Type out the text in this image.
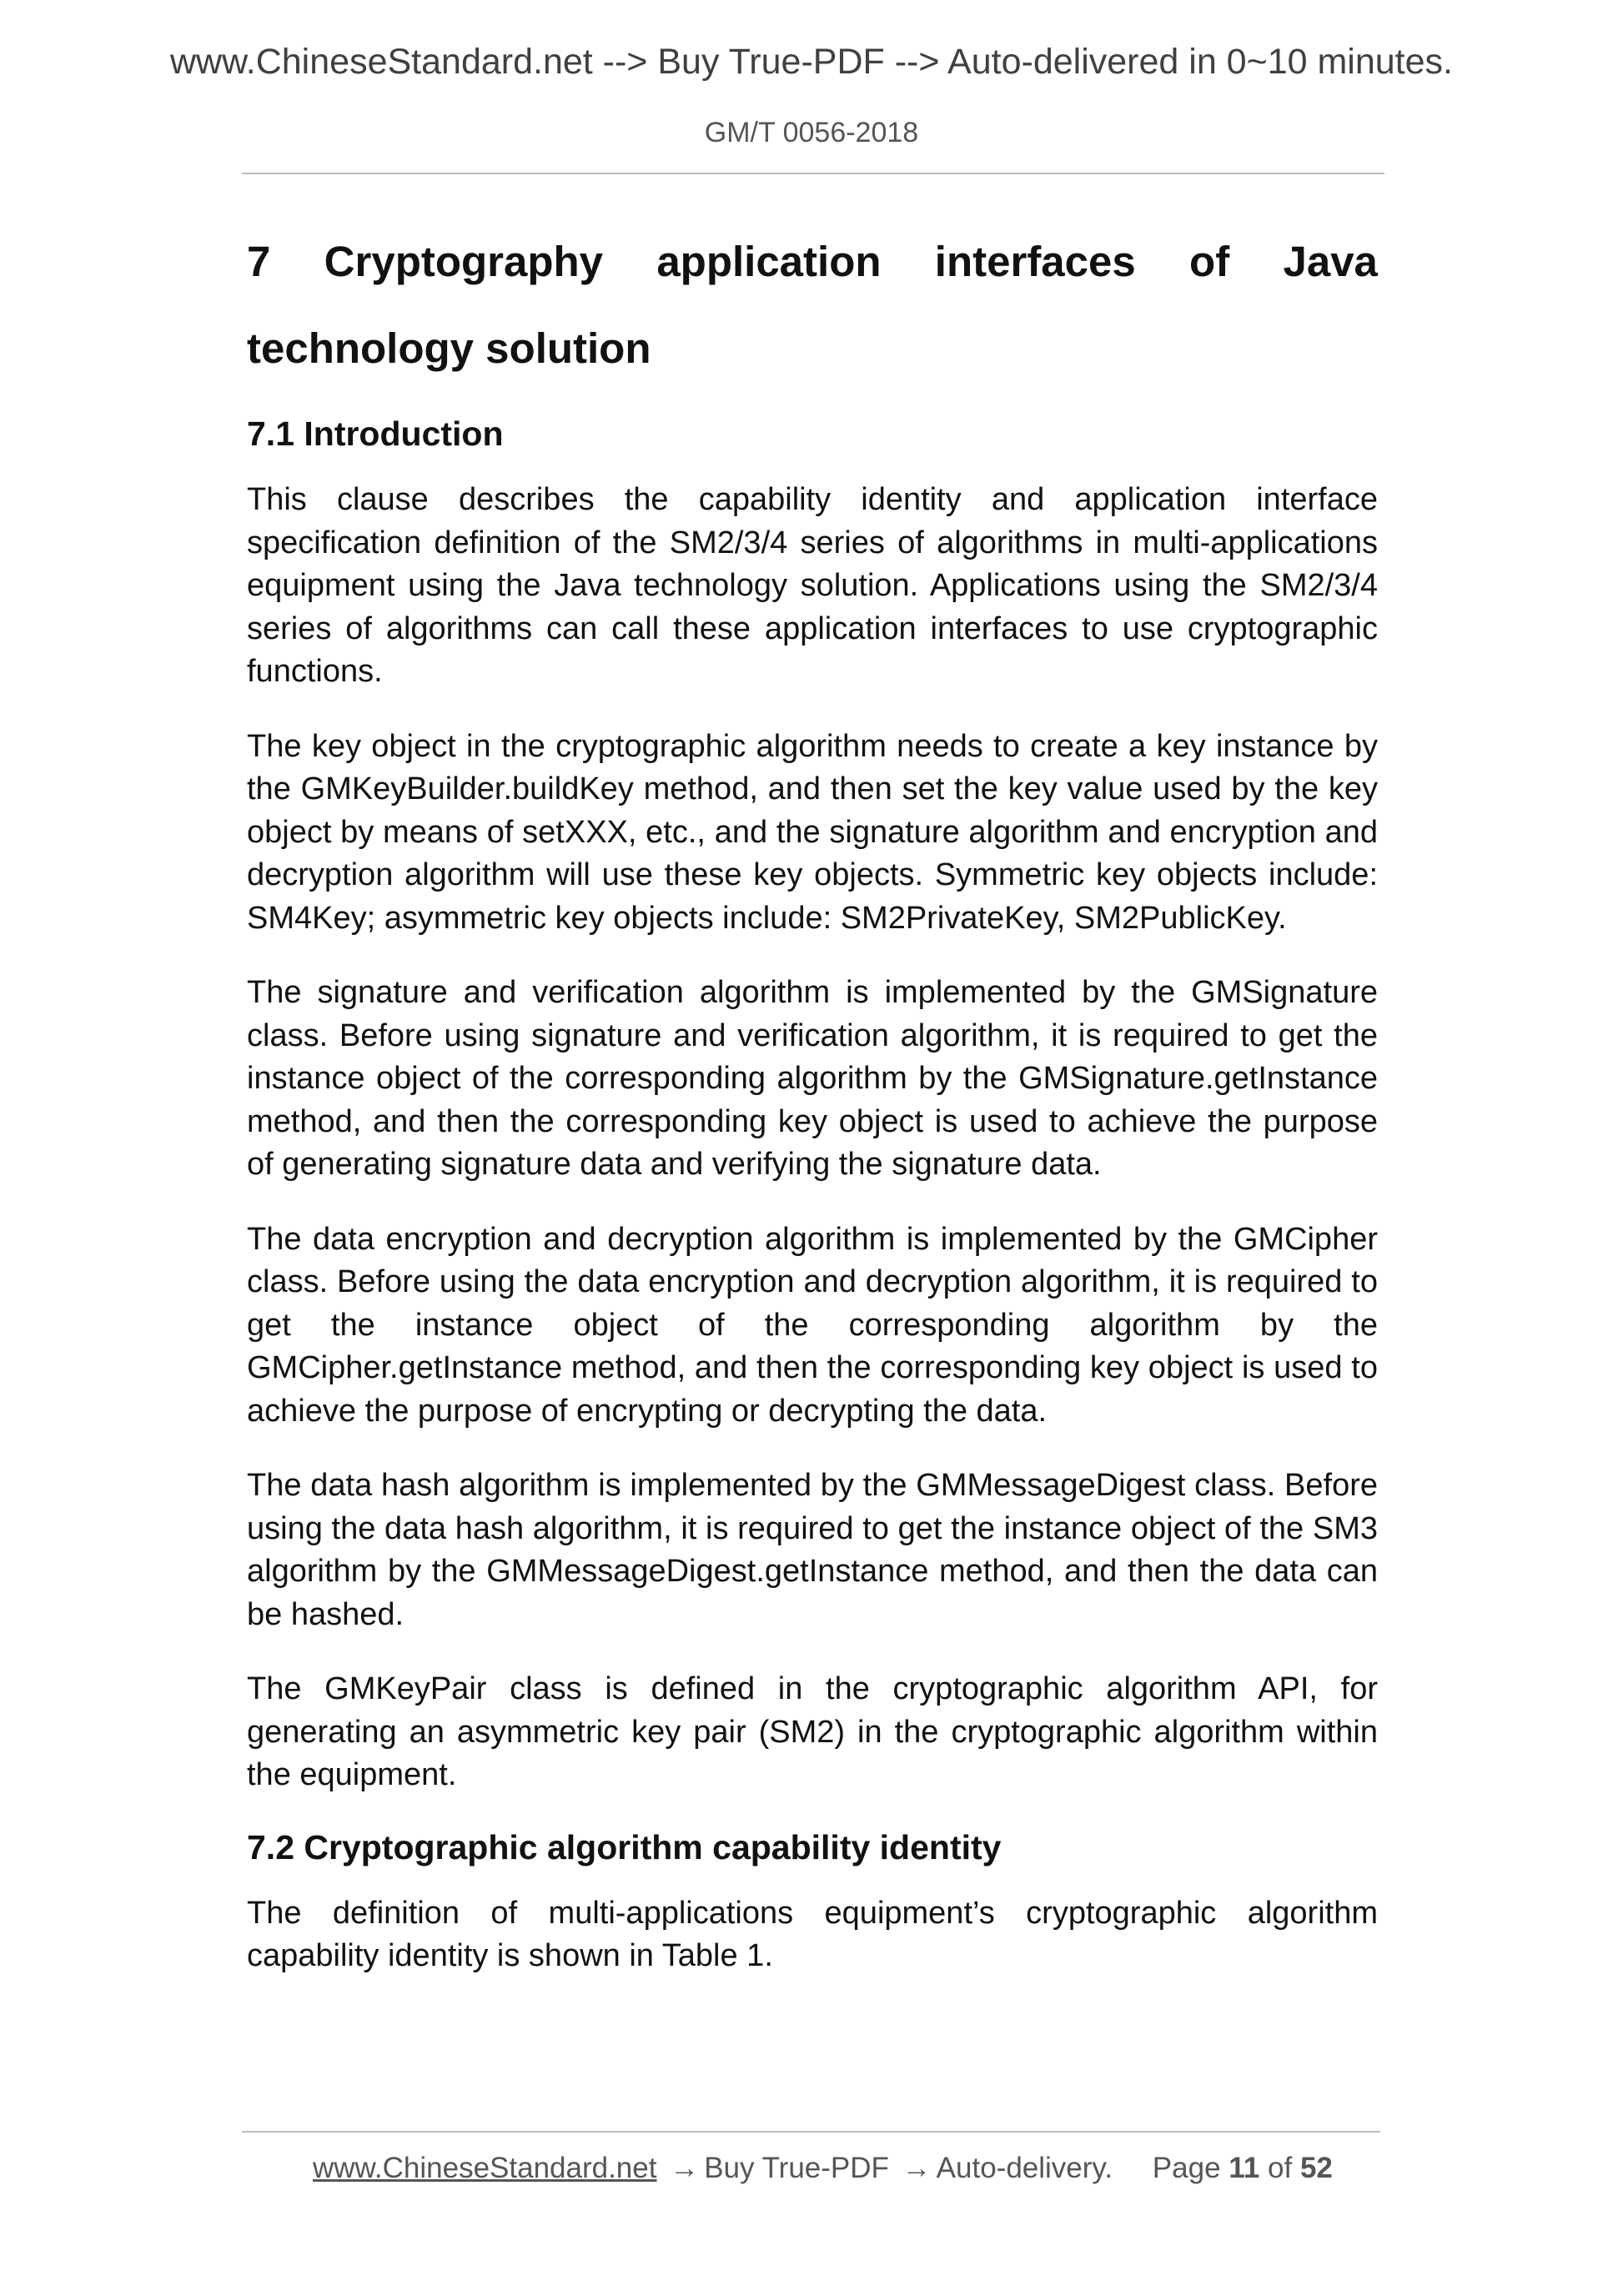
www.ChineseStandard.net --> Buy True-PDF --> Auto-delivered in 0~10 minutes.
GM/T 0056-2018
7 Cryptography application interfaces of Java
technology solution
7.1 Introduction

This clause describes the capability identity and application interface specification definition of the SM2/3/4 series of algorithms in multi-applications equipment using the Java technology solution. Applications using the SM2/3/4 series of algorithms can call these application interfaces to use cryptographic functions.

The key object in the cryptographic algorithm needs to create a key instance by the GMKeyBuilder.buildKey method, and then set the key value used by the key object by means of setXXX, etc., and the signature algorithm and encryption and decryption algorithm will use these key objects. Symmetric key objects include: SM4Key; asymmetric key objects include: SM2PrivateKey, SM2PublicKey.

The signature and verification algorithm is implemented by the GMSignature class. Before using signature and verification algorithm, it is required to get the instance object of the corresponding algorithm by the GMSignature.getInstance method, and then the corresponding key object is used to achieve the purpose of generating signature data and verifying the signature data.

The data encryption and decryption algorithm is implemented by the GMCipher class. Before using the data encryption and decryption algorithm, it is required to get the instance object of the corresponding algorithm by the GMCipher.getInstance method, and then the corresponding key object is used to achieve the purpose of encrypting or decrypting the data.

The data hash algorithm is implemented by the GMMessageDigest class. Before using the data hash algorithm, it is required to get the instance object of the SM3 algorithm by the GMMessageDigest.getInstance method, and then the data can be hashed.

The GMKeyPair class is defined in the cryptographic algorithm API, for generating an asymmetric key pair (SM2) in the cryptographic algorithm within the equipment.

7.2 Cryptographic algorithm capability identity

The definition of multi-applications equipment’s cryptographic algorithm capability identity is shown in Table 1.

www.ChineseStandard.net → Buy True-PDF → Auto-delivery. Page 11 of 52
